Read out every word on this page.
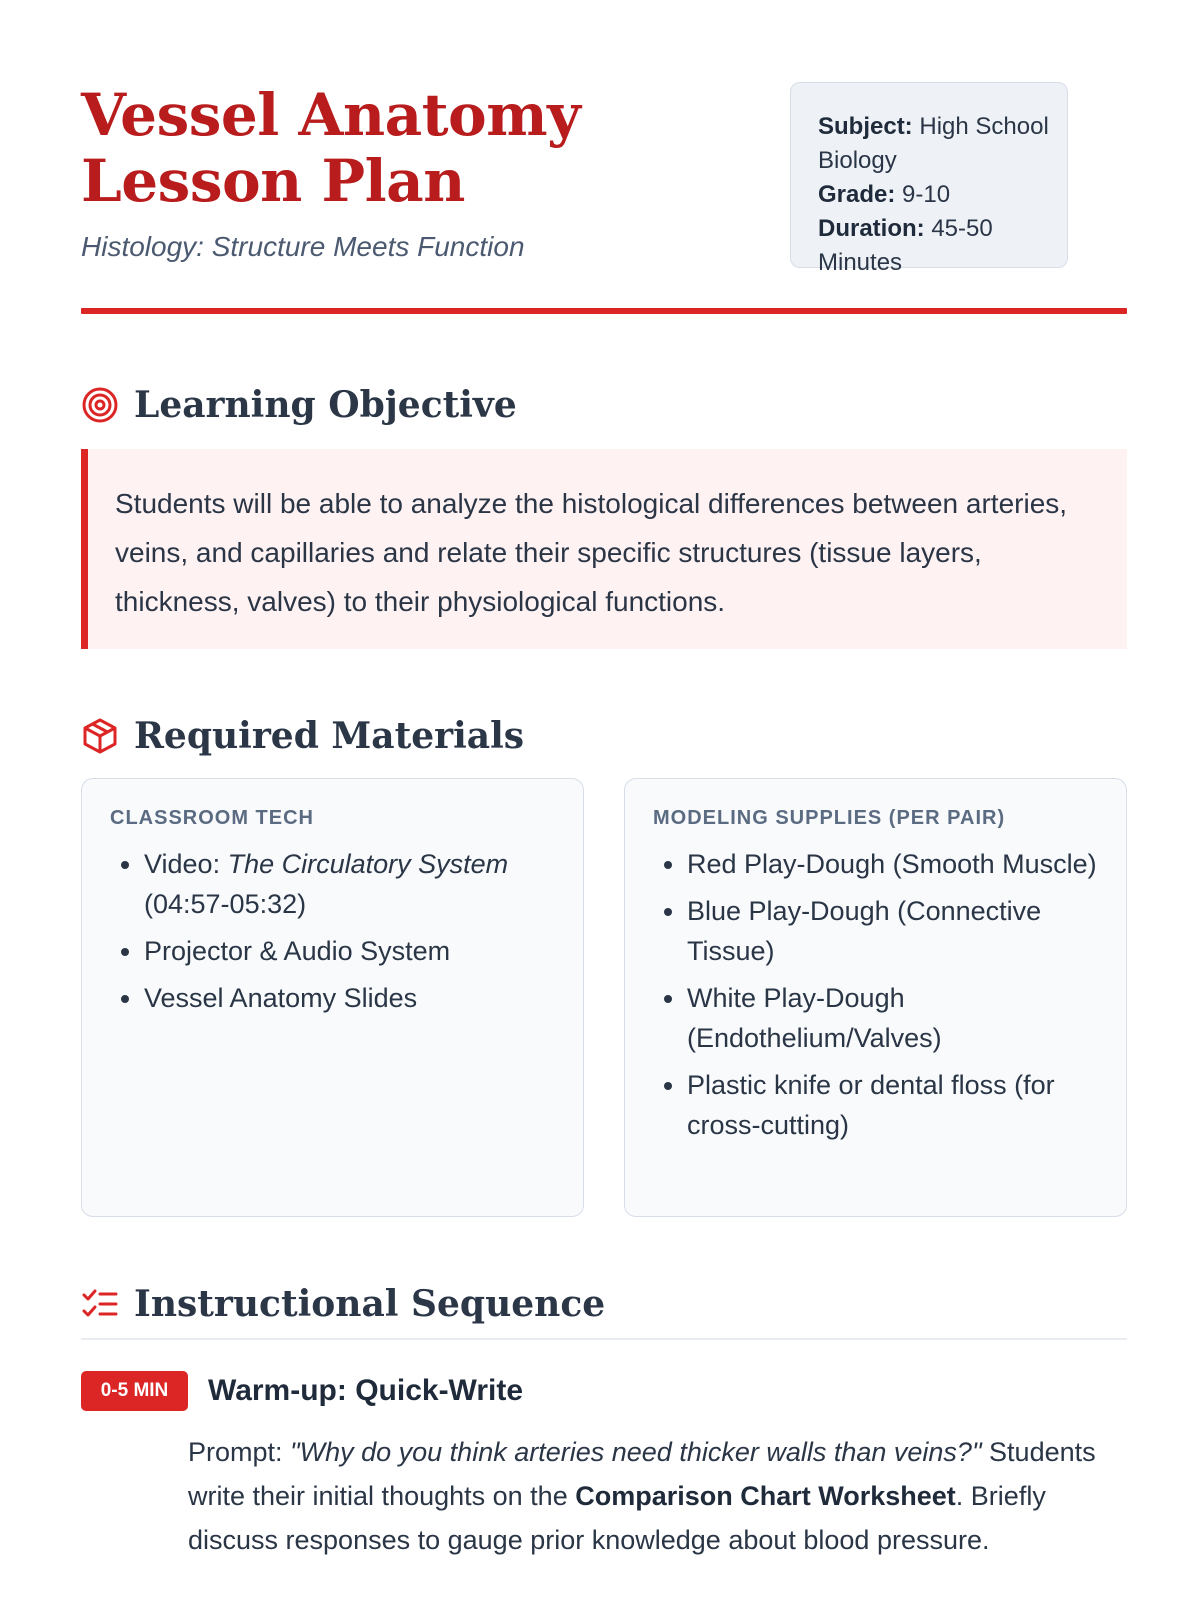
Vessel Anatomy Lesson Plan
Histology: Structure Meets Function
Subject: High School Biology
Grade: 9-10
Duration: 45-50 Minutes
Learning Objective
Students will be able to analyze the histological differences between arteries, veins, and capillaries and relate their specific structures (tissue layers, thickness, valves) to their physiological functions.
Required Materials
CLASSROOM TECH
• Video: The Circulatory System (04:57-05:32)
• Projector & Audio System
• Vessel Anatomy Slides
MODELING SUPPLIES (PER PAIR)
• Red Play-Dough (Smooth Muscle)
• Blue Play-Dough (Connective Tissue)
• White Play-Dough (Endothelium/Valves)
• Plastic knife or dental floss (for cross-cutting)
Instructional Sequence
0-5 MIN	Warm-up: Quick-Write
Prompt: "Why do you think arteries need thicker walls than veins?" Students write their initial thoughts on the Comparison Chart Worksheet. Briefly discuss responses to gauge prior knowledge about blood pressure.
